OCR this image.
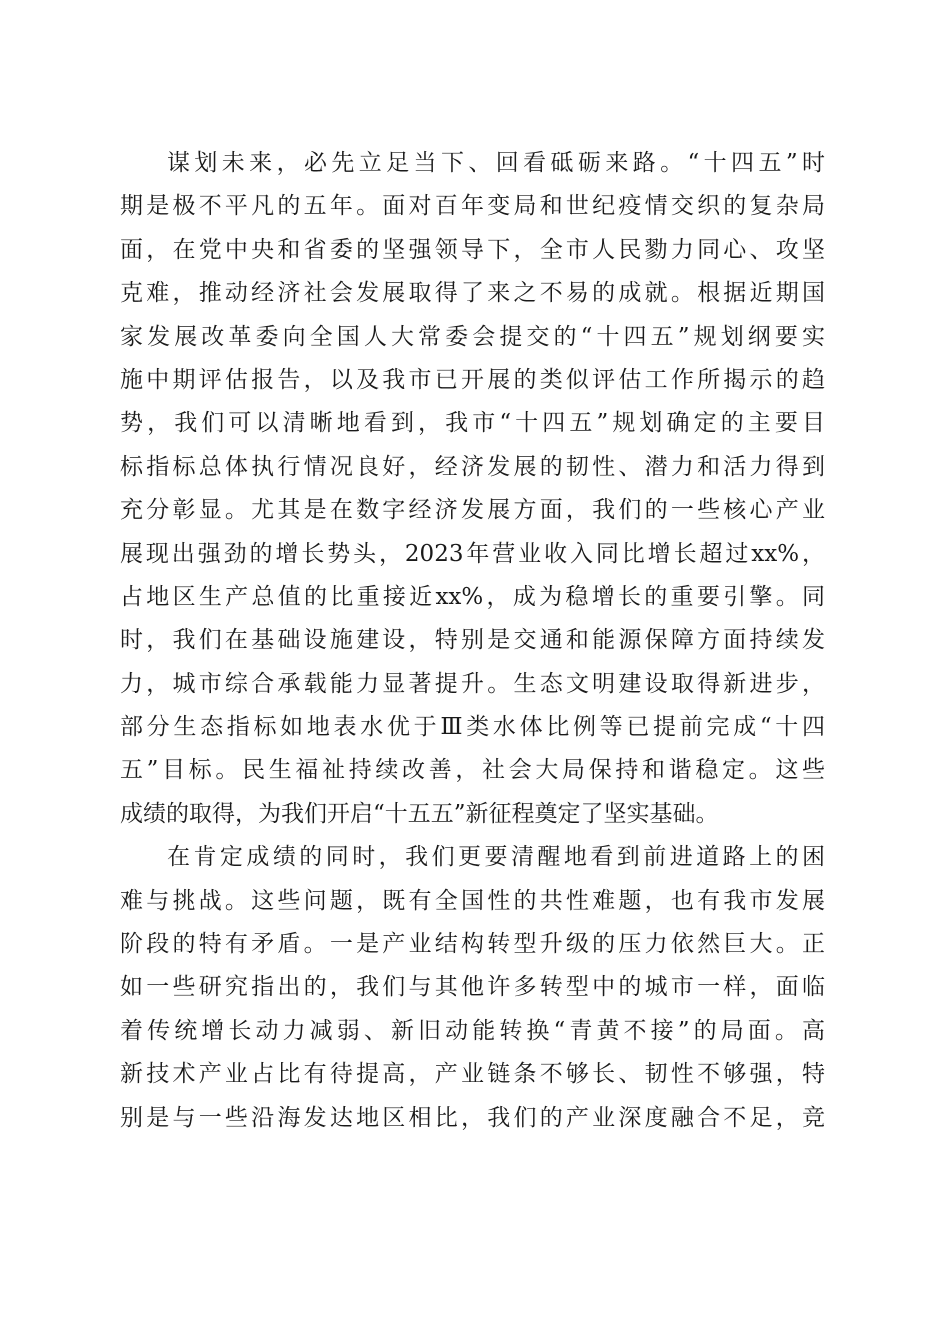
谋划未来，必先立足当下、回看砥砺来路。“十四五”时
期是极不平凡的五年。面对百年变局和世纪疫情交织的复杂局
面，在党中央和省委的坚强领导下，全市人民勠力同心、攻坚
克难，推动经济社会发展取得了来之不易的成就。根据近期国
家发展改革委向全国人大常委会提交的“十四五”规划纲要实
施中期评估报告，以及我市已开展的类似评估工作所揭示的趋
势，我们可以清晰地看到，我市“十四五”规划确定的主要目
标指标总体执行情况良好，经济发展的韧性、潜力和活力得到
充分彰显。尤其是在数字经济发展方面，我们的一些核心产业
展现出强劲的增长势头，2023年营业收入同比增长超过xx%，
占地区生产总值的比重接近xx%，成为稳增长的重要引擎。同
时，我们在基础设施建设，特别是交通和能源保障方面持续发
力，城市综合承载能力显著提升。生态文明建设取得新进步，
部分生态指标如地表水优于Ⅲ类水体比例等已提前完成“十四
五”目标。民生福祉持续改善，社会大局保持和谐稳定。这些
成绩的取得，为我们开启“十五五”新征程奠定了坚实基础。
在肯定成绩的同时，我们更要清醒地看到前进道路上的困
难与挑战。这些问题，既有全国性的共性难题，也有我市发展
阶段的特有矛盾。一是产业结构转型升级的压力依然巨大。正
如一些研究指出的，我们与其他许多转型中的城市一样，面临
着传统增长动力减弱、新旧动能转换“青黄不接”的局面。高
新技术产业占比有待提高，产业链条不够长、韧性不够强，特
别是与一些沿海发达地区相比，我们的产业深度融合不足，竞
